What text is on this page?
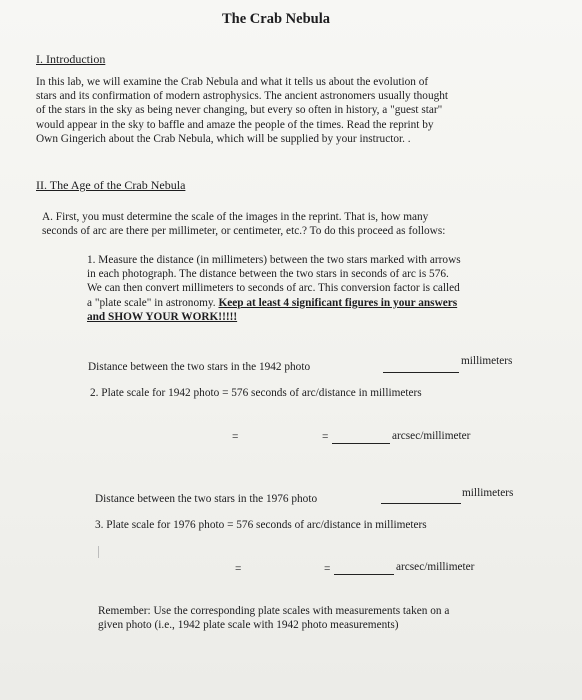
The Crab Nebula
I. Introduction
In this lab, we will examine the Crab Nebula and what it tells us about the evolution of
stars and its confirmation of modern astrophysics. The ancient astronomers usually thought
of the stars in the sky as being never changing, but every so often in history, a "guest star"
would appear in the sky to baffle and amaze the people of the times. Read the reprint by
Own Gingerich about the Crab Nebula, which will be supplied by your instructor. .
II. The Age of the Crab Nebula
A. First, you must determine the scale of the images in the reprint. That is, how many
seconds of arc are there per millimeter, or centimeter, etc.? To do this proceed as follows:
1. Measure the distance (in millimeters) between the two stars marked with arrows
in each photograph. The distance between the two stars in seconds of arc is 576.
We can then convert millimeters to seconds of arc. This conversion factor is called
a "plate scale" in astronomy. Keep at least 4 significant figures in your answers
and SHOW YOUR WORK!!!!!
Distance between the two stars in the 1942 photo	millimeters
2. Plate scale for 1942 photo = 576 seconds of arc/distance in millimeters
=	=	arcsec/millimeter
Distance between the two stars in the 1976 photo	millimeters
3. Plate scale for 1976 photo = 576 seconds of arc/distance in millimeters
=	=	arcsec/millimeter
Remember: Use the corresponding plate scales with measurements taken on a
given photo (i.e., 1942 plate scale with 1942 photo measurements)
